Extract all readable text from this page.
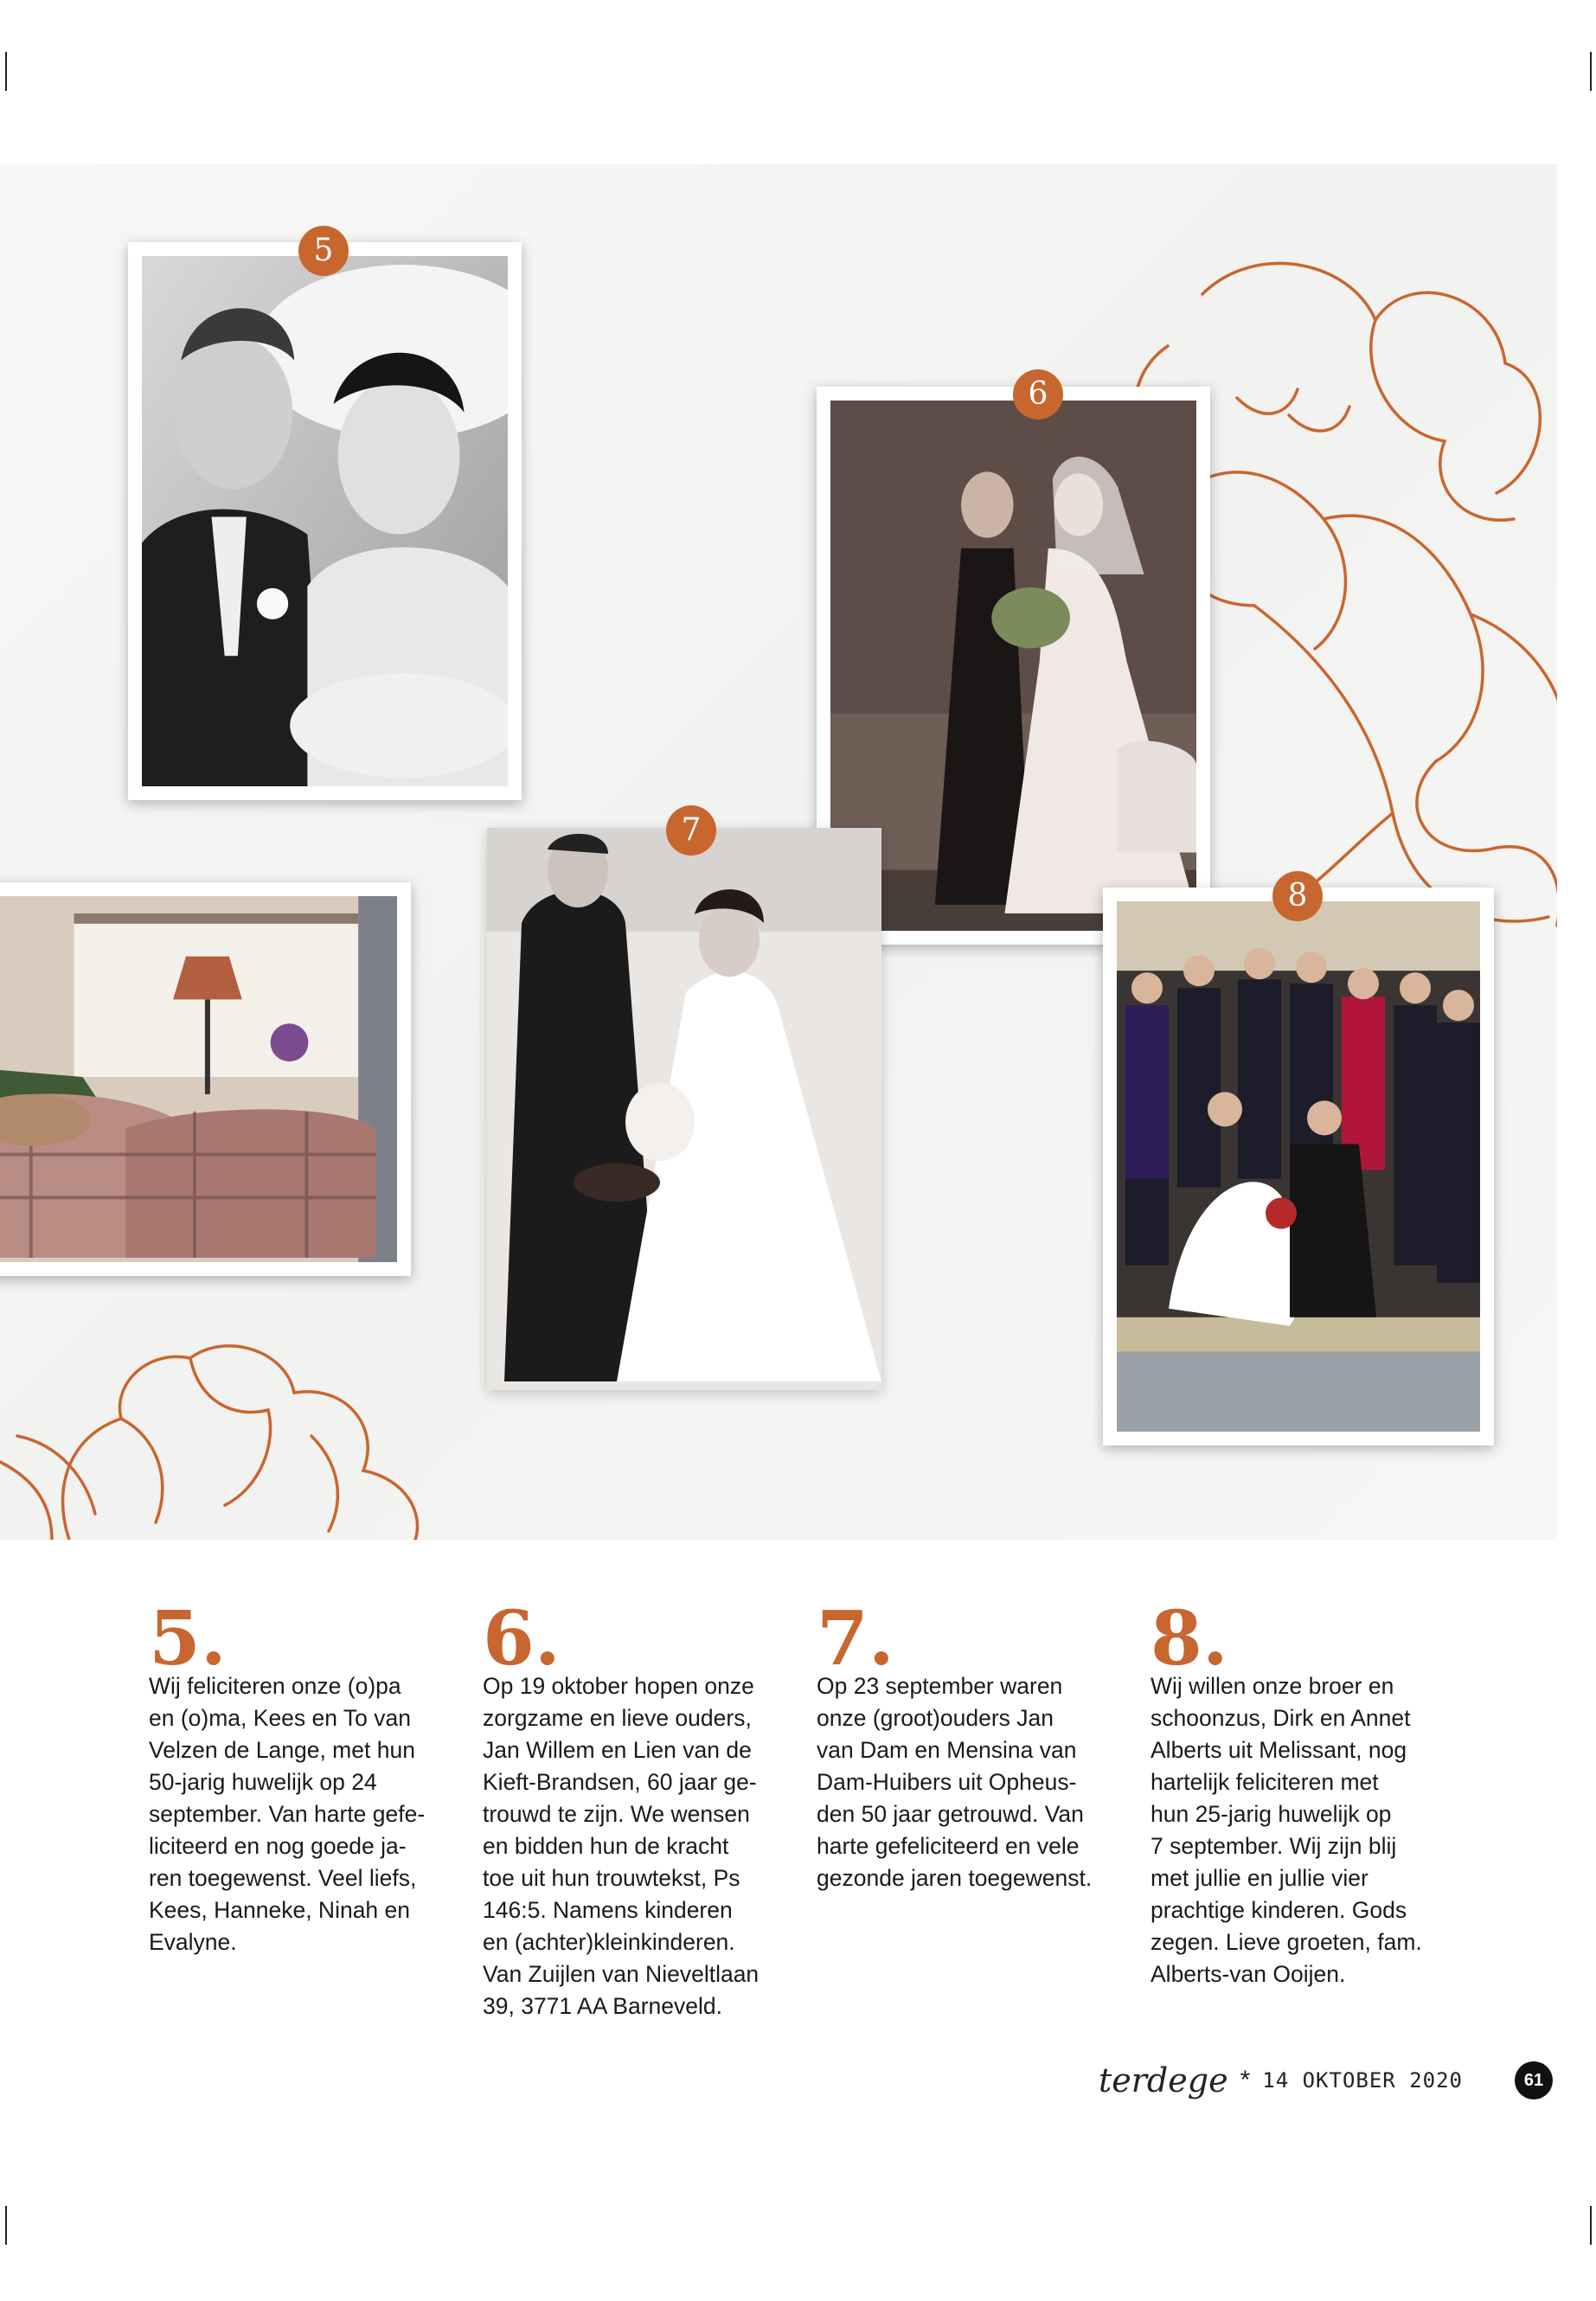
5
6
7
8
5.
Wij feliciteren onze (o)pa
en (o)ma, Kees en To van
Velzen de Lange, met hun
50-jarig huwelijk op 24
september. Van harte gefe-
liciteerd en nog goede ja-
ren toegewenst. Veel liefs,
Kees, Hanneke, Ninah en
Evalyne.
6.
Op 19 oktober hopen onze
zorgzame en lieve ouders,
Jan Willem en Lien van de
Kieft-Brandsen, 60 jaar ge-
trouwd te zijn. We wensen
en bidden hun de kracht
toe uit hun trouwtekst, Ps
146:5. Namens kinderen
en (achter)kleinkinderen.
Van Zuijlen van Nieveltlaan
39, 3771 AA Barneveld.
7.
Op 23 september waren
onze (groot)ouders Jan
van Dam en Mensina van
Dam-Huibers uit Opheus-
den 50 jaar getrouwd. Van
harte gefeliciteerd en vele
gezonde jaren toegewenst.
8.
Wij willen onze broer en
schoonzus, Dirk en Annet
Alberts uit Melissant, nog
hartelijk feliciteren met
hun 25-jarig huwelijk op
7 september. Wij zijn blij
met jullie en jullie vier
prachtige kinderen. Gods
zegen. Lieve groeten, fam.
Alberts-van Ooijen.
terdege * 14 OKTOBER 2020	61
